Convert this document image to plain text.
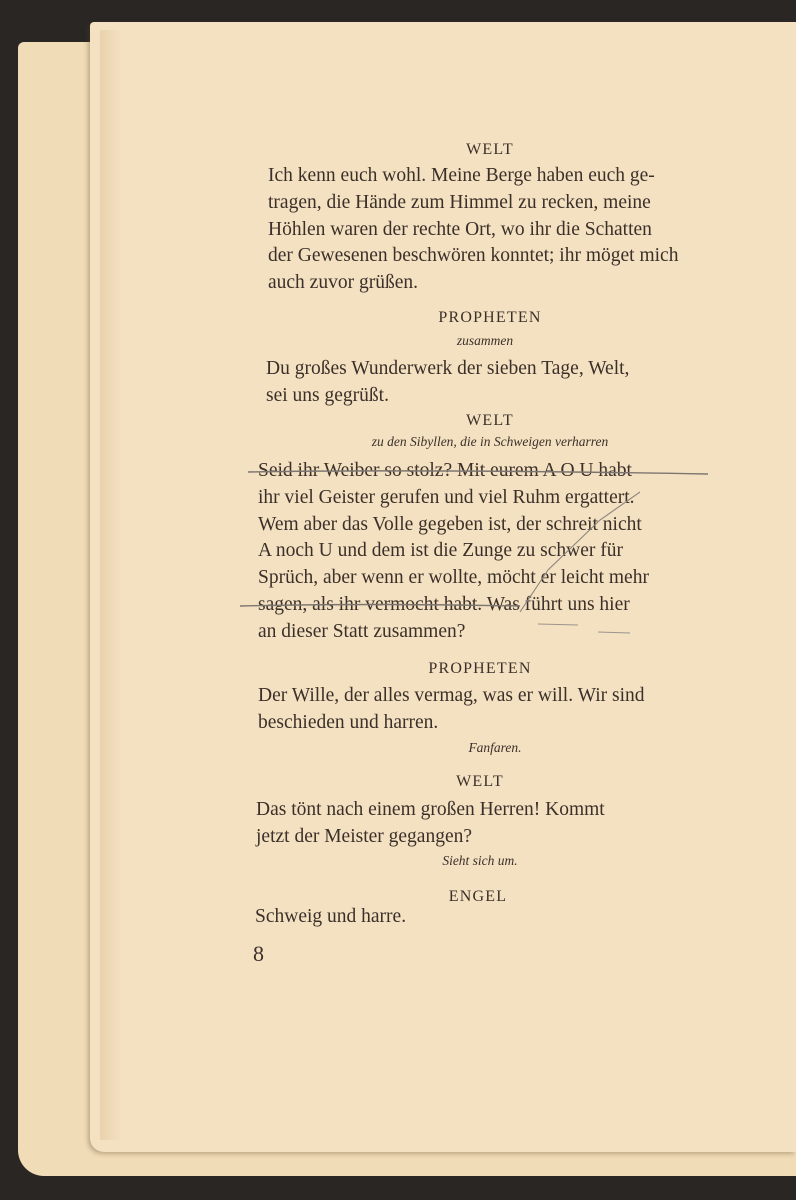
WELT

Ich kenn euch wohl. Meine Berge haben euch ge-

tragen, die Hände zum Himmel zu recken, meine

Höhlen waren der rechte Ort, wo ihr die Schatten

der Gewesenen beschwören konntet; ihr möget mich

auch zuvor grüßen.

PROPHETEN
zusammen

Du großes Wunderwerk der sieben Tage, Welt,

sei uns gegrüßt.

WELT
zu den Sibyllen, die in Schweigen verharren

Seid ihr Weiber so stolz? Mit eurem A O U habt

ihr viel Geister gerufen und viel Ruhm ergattert.

Wem aber das Volle gegeben ist, der schreit nicht

A noch U und dem ist die Zunge zu schwer für

Sprüch, aber wenn er wollte, möcht er leicht mehr

sagen, als ihr vermocht habt. Was führt uns hier

an dieser Statt zusammen?

PROPHETEN

Der Wille, der alles vermag, was er will. Wir sind

beschieden und harren.

Fanfaren.
WELT

Das tönt nach einem großen Herren! Kommt

jetzt der Meister gegangen?

Sieht sich um.
ENGEL

Schweig und harre.

8
